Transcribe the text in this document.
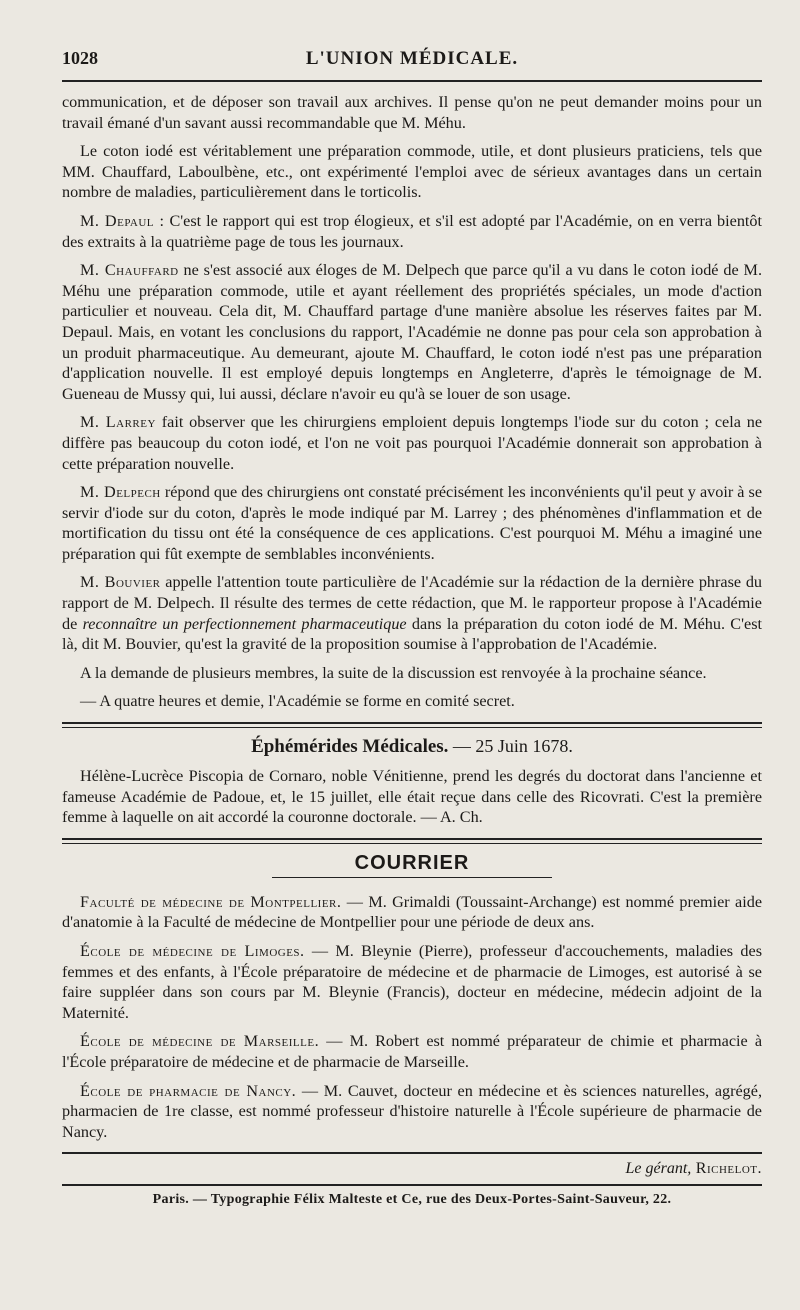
1028	L'UNION MÉDICALE.

communication, et de déposer son travail aux archives. Il pense qu'on ne peut demander moins pour un travail émané d'un savant aussi recommandable que M. Méhu.

Le coton iodé est véritablement une préparation commode, utile, et dont plusieurs praticiens, tels que MM. Chauffard, Laboulbène, etc., ont expérimenté l'emploi avec de sérieux avantages dans un certain nombre de maladies, particulièrement dans le torticolis.

M. Depaul : C'est le rapport qui est trop élogieux, et s'il est adopté par l'Académie, on en verra bientôt des extraits à la quatrième page de tous les journaux.

M. Chauffard ne s'est associé aux éloges de M. Delpech que parce qu'il a vu dans le coton iodé de M. Méhu une préparation commode, utile et ayant réellement des propriétés spéciales, un mode d'action particulier et nouveau. Cela dit, M. Chauffard partage d'une manière absolue les réserves faites par M. Depaul. Mais, en votant les conclusions du rapport, l'Académie ne donne pas pour cela son approbation à un produit pharmaceutique. Au demeurant, ajoute M. Chauffard, le coton iodé n'est pas une préparation d'application nouvelle. Il est employé depuis longtemps en Angleterre, d'après le témoignage de M. Gueneau de Mussy qui, lui aussi, déclare n'avoir eu qu'à se louer de son usage.

M. Larrey fait observer que les chirurgiens emploient depuis longtemps l'iode sur du coton ; cela ne diffère pas beaucoup du coton iodé, et l'on ne voit pas pourquoi l'Académie donnerait son approbation à cette préparation nouvelle.

M. Delpech répond que des chirurgiens ont constaté précisément les inconvénients qu'il peut y avoir à se servir d'iode sur du coton, d'après le mode indiqué par M. Larrey ; des phénomènes d'inflammation et de mortification du tissu ont été la conséquence de ces applications. C'est pourquoi M. Méhu a imaginé une préparation qui fût exempte de semblables inconvénients.

M. Bouvier appelle l'attention toute particulière de l'Académie sur la rédaction de la dernière phrase du rapport de M. Delpech. Il résulte des termes de cette rédaction, que M. le rapporteur propose à l'Académie de reconnaître un perfectionnement pharmaceutique dans la préparation du coton iodé de M. Méhu. C'est là, dit M. Bouvier, qu'est la gravité de la proposition soumise à l'approbation de l'Académie.

A la demande de plusieurs membres, la suite de la discussion est renvoyée à la prochaine séance.

— A quatre heures et demie, l'Académie se forme en comité secret.

Éphémérides Médicales. — 25 Juin 1678.

Hélène-Lucrèce Piscopia de Cornaro, noble Vénitienne, prend les degrés du doctorat dans l'ancienne et fameuse Académie de Padoue, et, le 15 juillet, elle était reçue dans celle des Ricovrati. C'est la première femme à laquelle on ait accordé la couronne doctorale. — A. Ch.

COURRIER

Faculté de médecine de Montpellier. — M. Grimaldi (Toussaint-Archange) est nommé premier aide d'anatomie à la Faculté de médecine de Montpellier pour une période de deux ans.

École de médecine de Limoges. — M. Bleynie (Pierre), professeur d'accouchements, maladies des femmes et des enfants, à l'École préparatoire de médecine et de pharmacie de Limoges, est autorisé à se faire suppléer dans son cours par M. Bleynie (Francis), docteur en médecine, médecin adjoint de la Maternité.

École de médecine de Marseille. — M. Robert est nommé préparateur de chimie et pharmacie à l'École préparatoire de médecine et de pharmacie de Marseille.

École de pharmacie de Nancy. — M. Cauvet, docteur en médecine et ès sciences naturelles, agrégé, pharmacien de 1re classe, est nommé professeur d'histoire naturelle à l'École supérieure de pharmacie de Nancy.

Le gérant, Richelot.
Paris. — Typographie Félix Malteste et Ce, rue des Deux-Portes-Saint-Sauveur, 22.
